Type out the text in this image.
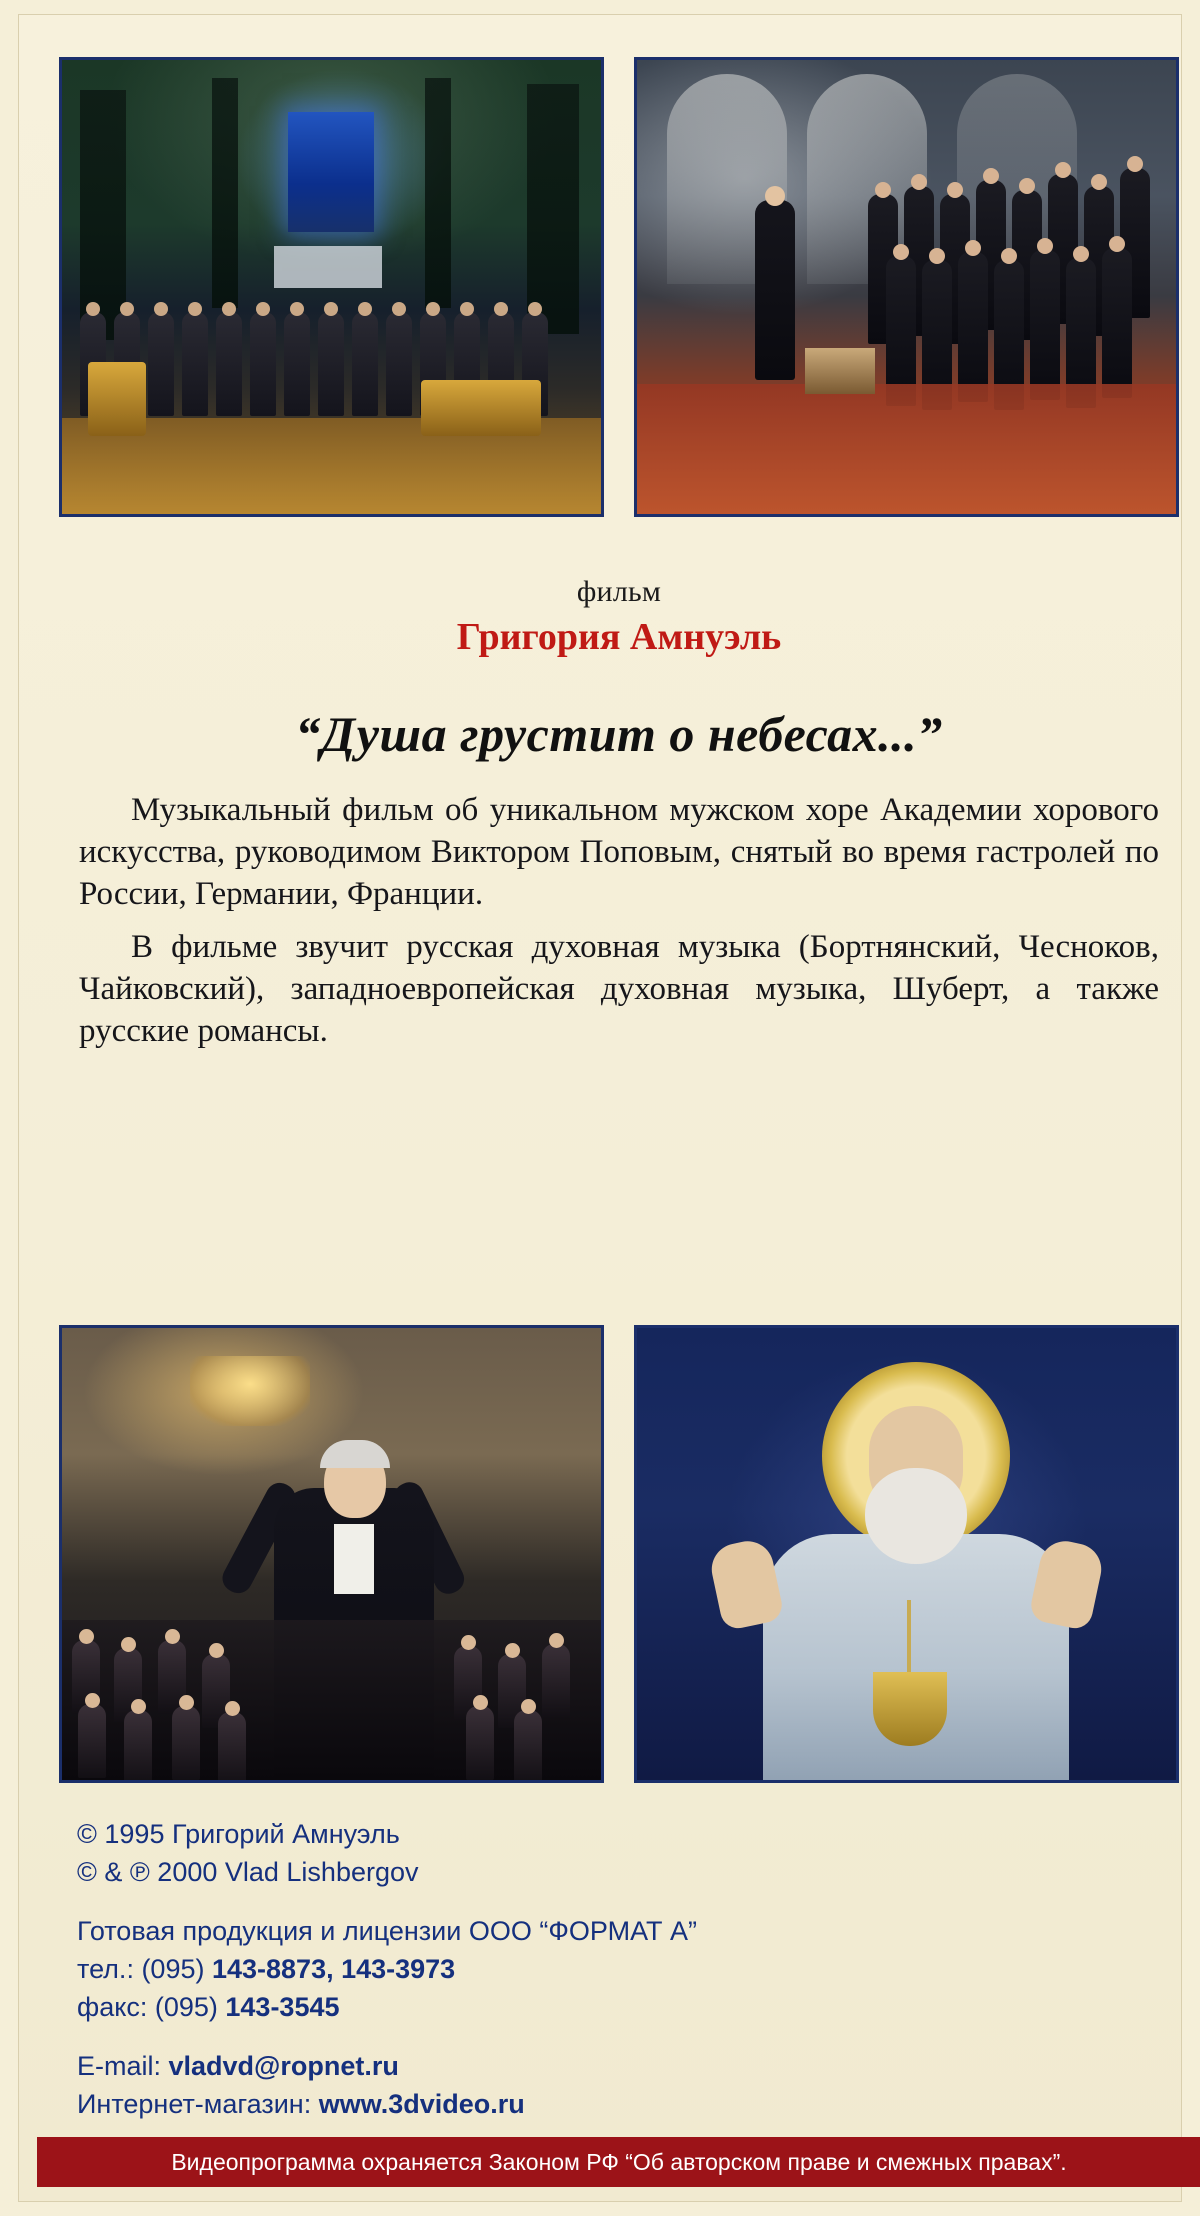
фильм
Григория Амнуэль
“Душа грустит о небесах...”
Музыкальный фильм об уникальном мужском хоре Академии хорового искусства, руководимом Виктором Поповым, снятый во время гастролей по России, Германии, Франции.
В фильме звучит русская духовная музыка (Бортнянский, Чесноков, Чайковский), западноевропейская духовная музыка, Шуберт, а также русские романсы.
© 1995 Григорий Амнуэль
© & ℗ 2000 Vlad Lishbergov
Готовая продукция и лицензии ООО “ФОРМАТ А”
тел.: (095) 143-8873, 143-3973
факс: (095) 143-3545
E-mail: vladvd@ropnet.ru
Интернет-магазин: www.3dvideo.ru
Видеопрограмма охраняется Законом РФ “Об авторском праве и смежных правах”.
